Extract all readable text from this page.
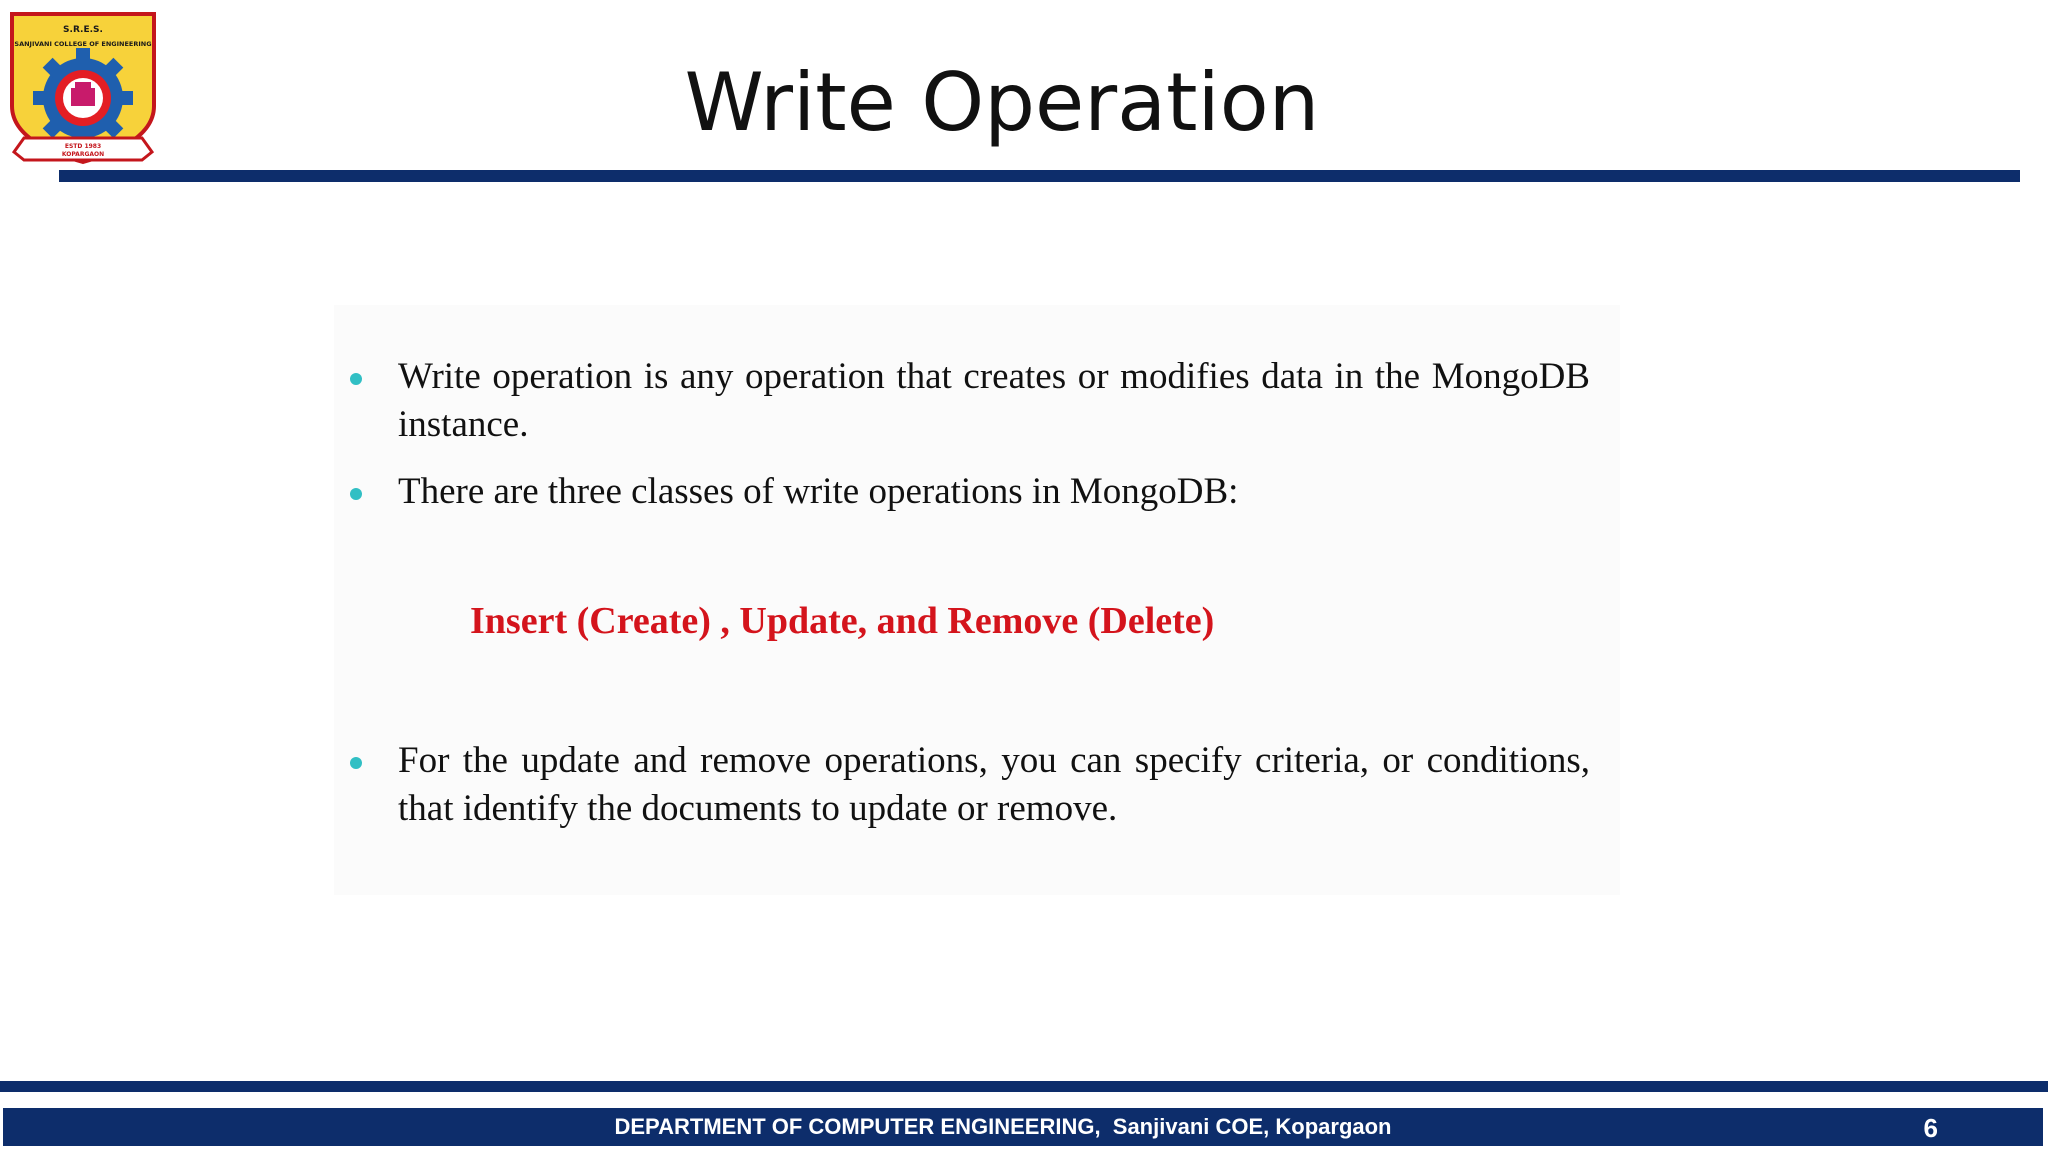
S.R.E.S.
SANJIVANI COLLEGE OF ENGINEERING
ESTD 1983
KOPARGAON
Write Operation
Write operation is any operation that creates or modifies data in the MongoDB instance.
There are three classes of write operations in MongoDB:
Insert (Create) , Update, and Remove (Delete)
For the update and remove operations, you can specify criteria, or conditions, that identify the documents to update or remove.
DEPARTMENT OF COMPUTER ENGINEERING,  Sanjivani COE, Kopargaon	6
